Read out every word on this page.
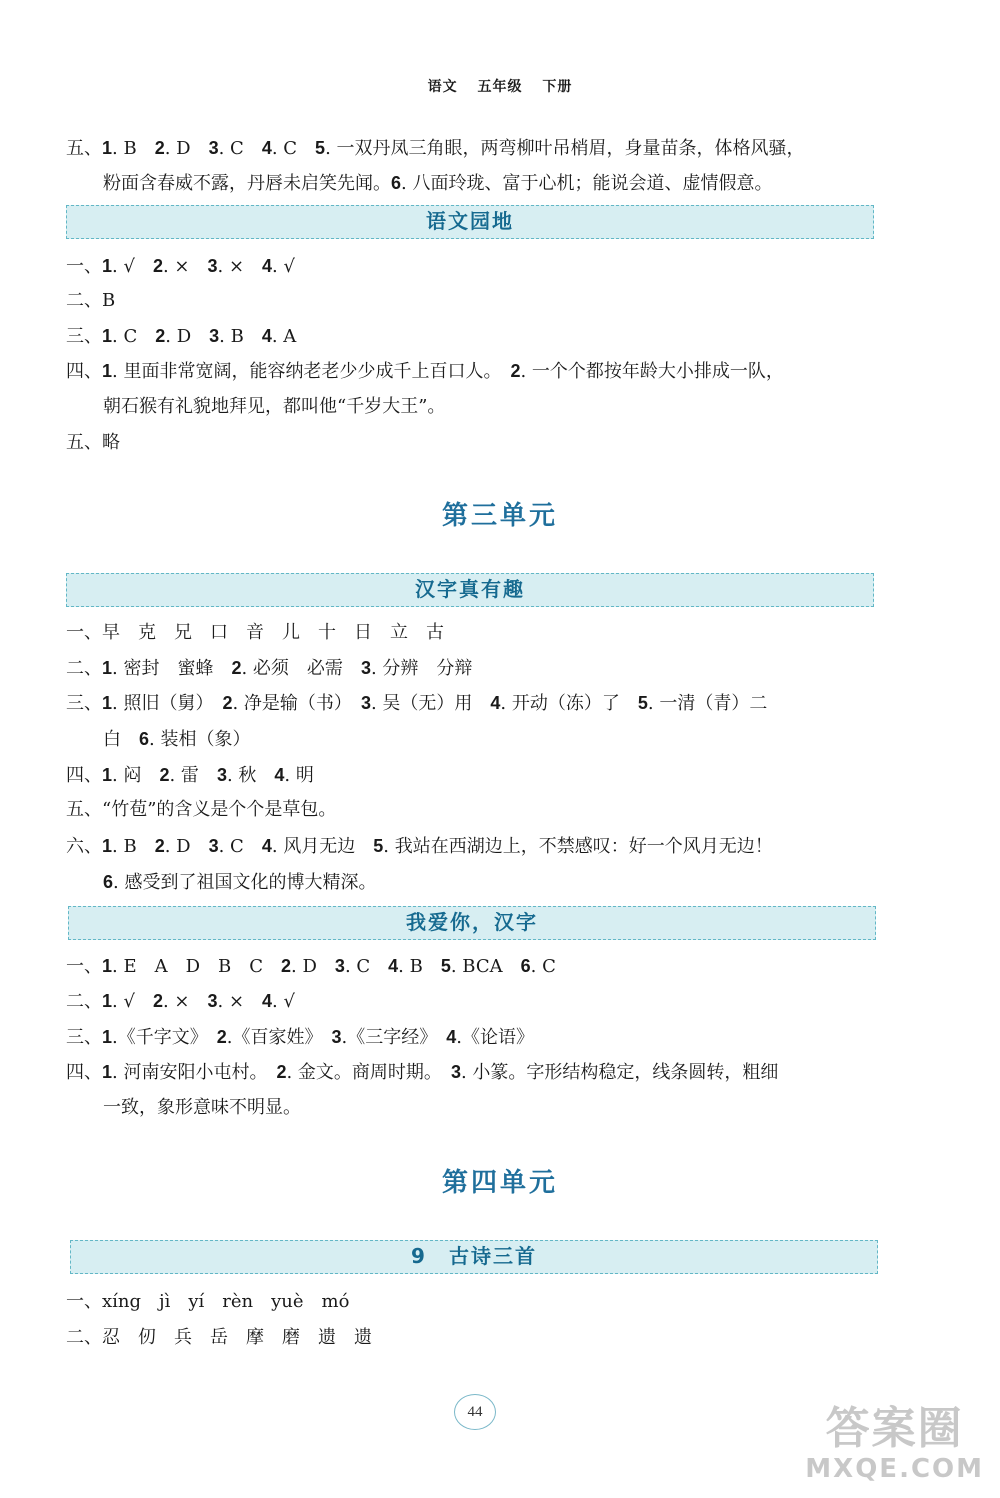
语文 五年级 下册
五、1. B　2. D　3. C　4. C　5. 一双丹凤三角眼，两弯柳叶吊梢眉，身量苗条，体格风骚，
粉面含春威不露，丹唇未启笑先闻。6. 八面玲珑、富于心机；能说会道、虚情假意。
语文园地
一、1. √　2. ×　3. ×　4. √
二、B
三、1. C　2. D　3. B　4. A
四、1. 里面非常宽阔，能容纳老老少少成千上百口人。　2. 一个个都按年龄大小排成一队，
朝石猴有礼貌地拜见，都叫他“千岁大王”。
五、略
第三单元
汉字真有趣
一、早　克　兄　口　音　儿　十　日　立　古
二、1. 密封　蜜蜂　2. 必须　必需　3. 分辨　分辩
三、1. 照旧（舅）　2. 净是输（书）　3. 吴（无）用　4. 开动（冻）了　5. 一清（青）二
白　6. 装相（象）
四、1. 闷　2. 雷　3. 秋　4. 明
五、“竹苞”的含义是个个是草包。
六、1. B　2. D　3. C　4. 风月无边　5. 我站在西湖边上，不禁感叹：好一个风月无边！
6. 感受到了祖国文化的博大精深。
我爱你，汉字
一、1. E　A　D　B　C　2. D　3. C　4. B　5. BCA　6. C
二、1. √　2. ×　3. ×　4. √
三、1.《千字文》　2.《百家姓》　3.《三字经》　4.《论语》
四、1. 河南安阳小屯村。　2. 金文。商周时期。　3. 小篆。字形结构稳定，线条圆转，粗细
一致，象形意味不明显。
第四单元
9　古诗三首
一、xíng　jì　yí　rèn　yuè　mó
二、忍　仞　兵　岳　摩　磨　遗　遗
44	答案圈
MXQE.COM
